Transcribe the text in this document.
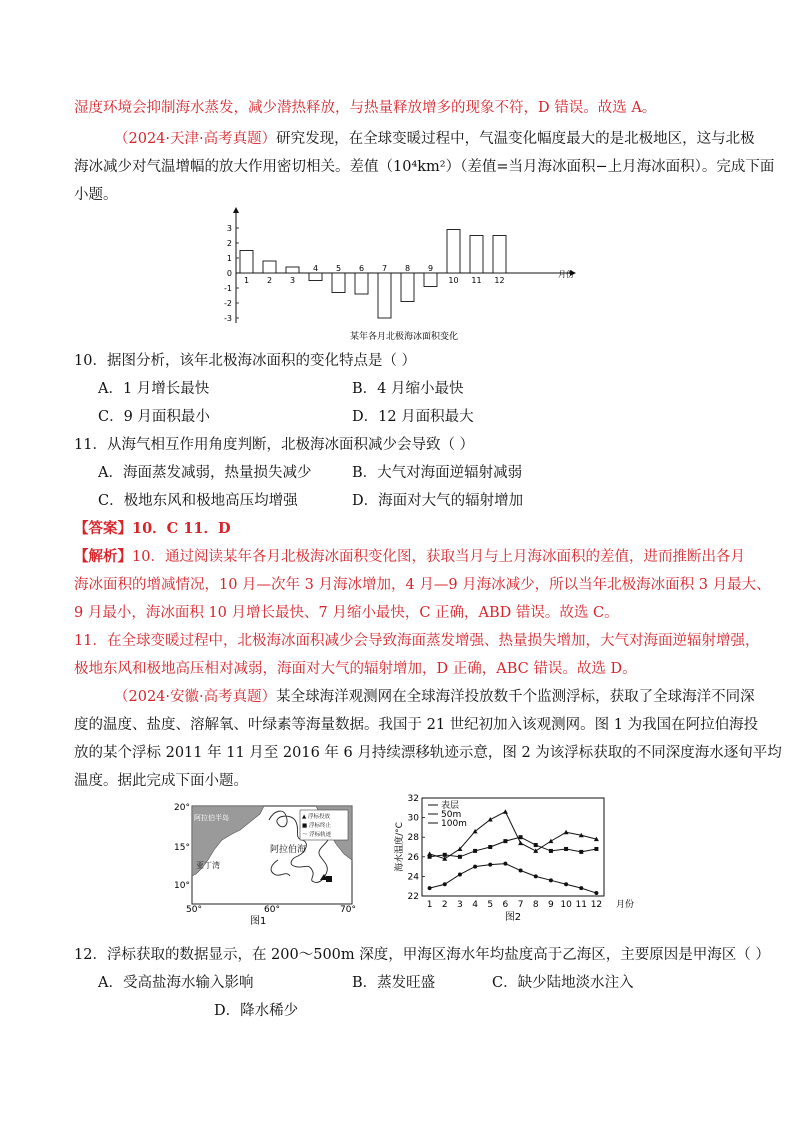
湿度环境会抑制海水蒸发，减少潜热释放，与热量释放增多的现象不符，D 错误。故选 A。
（2024·天津·高考真题）研究发现，在全球变暖过程中，气温变化幅度最大的是北极地区，这与北极
海冰减少对气温增幅的放大作用密切相关。差值（10⁴km²）（差值=当月海冰面积−上月海冰面积）。完成下面
小题。
3
2
1
0
-1
-2
-3
1 2 3
4 5 6 7 8 9
10 11 12
月份
某年各月北极海冰面积变化
10．据图分析，该年北极海冰面积的变化特点是（ ）
A．1 月增长最快	B．4 月缩小最快
C．9 月面积最小	D．12 月面积最大
11．从海气相互作用角度判断，北极海冰面积减少会导致（ ）
A．海面蒸发减弱，热量损失减少	B．大气对海面逆辐射减弱
C．极地东风和极地高压均增强	D．海面对大气的辐射增加
【答案】10．C 11．D
【解析】10．通过阅读某年各月北极海冰面积变化图，获取当月与上月海冰面积的差值，进而推断出各月
海冰面积的增减情况，10 月—次年 3 月海冰增加，4 月—9 月海冰减少，所以当年北极海冰面积 3 月最大、
9 月最小，海冰面积 10 月增长最快、7 月缩小最快，C 正确，ABD 错误。故选 C。
11．在全球变暖过程中，北极海冰面积减少会导致海面蒸发增强、热量损失增加，大气对海面逆辐射增强，
极地东风和极地高压相对减弱，海面对大气的辐射增加，D 正确，ABC 错误。故选 D。
（2024·安徽·高考真题）某全球海洋观测网在全球海洋投放数千个监测浮标，获取了全球海洋不同深
度的温度、盐度、溶解氧、叶绿素等海量数据。我国于 21 世纪初加入该观测网。图 1 为我国在阿拉伯海投
放的某个浮标 2011 年 11 月至 2016 年 6 月持续漂移轨迹示意，图 2 为该浮标获取的不同深度海水逐旬平均
温度。据此完成下面小题。
阿拉伯半岛
阿拉伯海
亚丁湾
▲ 浮标投放
■ 浮标终止
〜 浮标轨迹
20°
15°
10°
50°	60°	70°
图1
22
24
26
28
30
32
1 2 3 4 5 6 7 8 9 10 11 12 月份
海水温度/°C
表层
50m
100m
图2
12．浮标获取的数据显示，在 200～500m 深度，甲海区海水年均盐度高于乙海区，主要原因是甲海区（ ）
A．受高盐海水输入影响	B．蒸发旺盛	C．缺少陆地淡水注入
D．降水稀少
